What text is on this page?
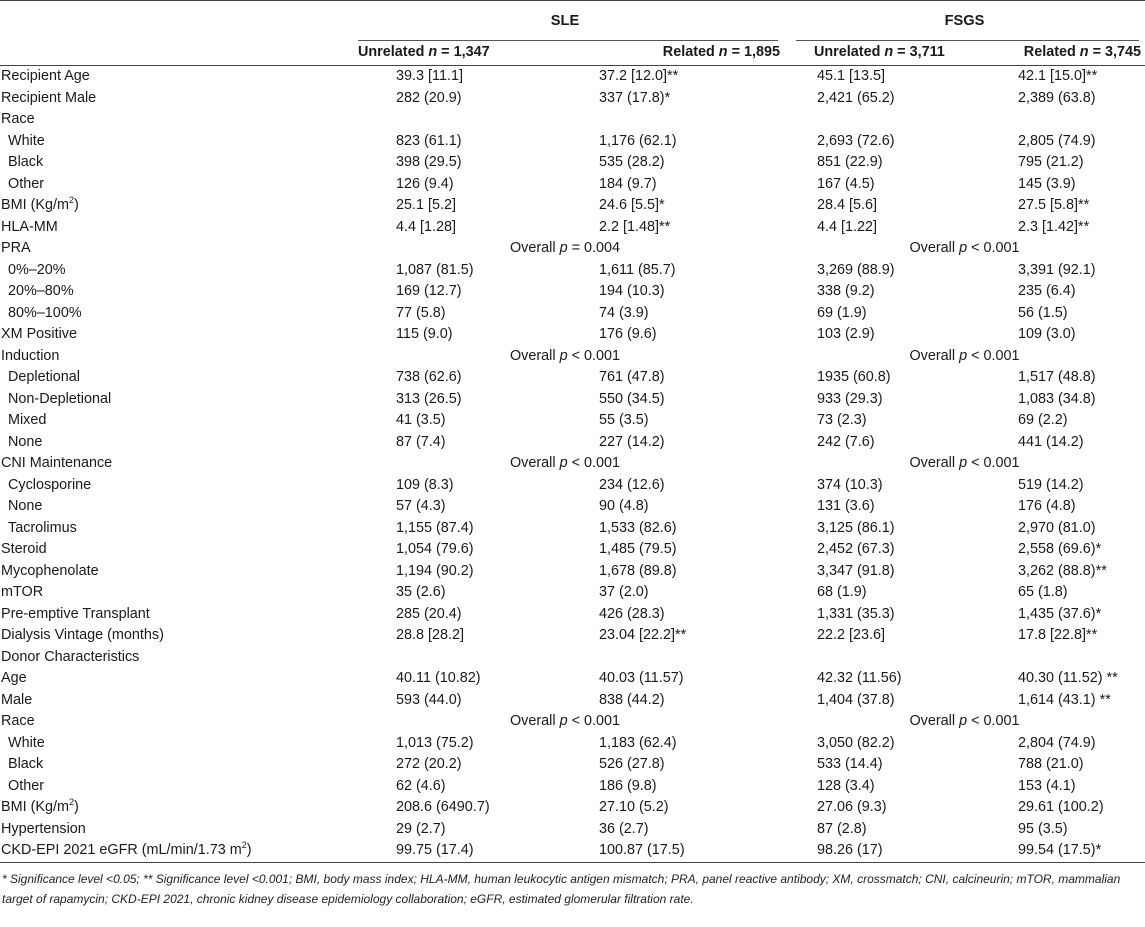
	SLE		FSGS	
	Unrelated n = 1,347	Related n = 1,895	Unrelated n = 3,711	Related n = 3,745
Recipient Age	39.3 [11.1]	37.2 [12.0]**	45.1 [13.5]	42.1 [15.0]**
Recipient Male	282 (20.9)	337 (17.8)*	2,421 (65.2)	2,389 (63.8)
Race				
White	823 (61.1)	1,176 (62.1)	2,693 (72.6)	2,805 (74.9)
Black	398 (29.5)	535 (28.2)	851 (22.9)	795 (21.2)
Other	126 (9.4)	184 (9.7)	167 (4.5)	145 (3.9)
BMI $(Kg/m^2)$	25.1 [5.2]	24.6 [5.5]*	28.4 [5.6]	27.5 [5.8]**
HLA-MM	4.4 [1.28]	2.2 [1.48]**	4.4 [1.22]	2.3 [1.42]**
PRA	Overall p = 0.004		Overall p < 0.001	
0%–20%	1,087 (81.5)	1,611 (85.7)	3,269 (88.9)	3,391 (92.1)
20%–80%	169 (12.7)	194 (10.3)	338 (9.2)	235 (6.4)
80%–100%	77 (5.8)	74 (3.9)	69 (1.9)	56 (1.5)
XM Positive	115 (9.0)	176 (9.6)	103 (2.9)	109 (3.0)
Induction	Overall p < 0.001		Overall p < 0.001	
Depletional	738 (62.6)	761 (47.8)	1935 (60.8)	1,517 (48.8)
Non-Depletional	313 (26.5)	550 (34.5)	933 (29.3)	1,083 (34.8)
Mixed	41 (3.5)	55 (3.5)	73 (2.3)	69 (2.2)
None	87 (7.4)	227 (14.2)	242 (7.6)	441 (14.2)
CNI Maintenance	Overall p < 0.001		Overall p < 0.001	
Cyclosporine	109 (8.3)	234 (12.6)	374 (10.3)	519 (14.2)
None	57 (4.3)	90 (4.8)	131 (3.6)	176 (4.8)
Tacrolimus	1,155 (87.4)	1,533 (82.6)	3,125 (86.1)	2,970 (81.0)
Steroid	1,054 (79.6)	1,485 (79.5)	2,452 (67.3)	2,558 (69.6)*
Mycophenolate	1,194 (90.2)	1,678 (89.8)	3,347 (91.8)	3,262 (88.8)**
mTOR	35 (2.6)	37 (2.0)	68 (1.9)	65 (1.8)
Pre-emptive Transplant	285 (20.4)	426 (28.3)	1,331 (35.3)	1,435 (37.6)*
Dialysis Vintage (months)	28.8 [28.2]	23.04 [22.2]**	22.2 [23.6]	17.8 [22.8]**
Donor Characteristics				
Age	40.11 (10.82)	40.03 (11.57)	42.32 (11.56)	40.30 (11.52) **
Male	593 (44.0)	838 (44.2)	1,404 (37.8)	1,614 (43.1) **
Race	Overall p < 0.001		Overall p < 0.001	
White	1,013 (75.2)	1,183 (62.4)	3,050 (82.2)	2,804 (74.9)
Black	272 (20.2)	526 (27.8)	533 (14.4)	788 (21.0)
Other	62 (4.6)	186 (9.8)	128 (3.4)	153 (4.1)
BMI $(Kg/m^2)$	208.6 (6490.7)	27.10 (5.2)	27.06 (9.3)	29.61 (100.2)
Hypertension	29 (2.7)	36 (2.7)	87 (2.8)	95 (3.5)
CKD-EPI 2021 eGFR (mL/min/1.73 $m^2$)	99.75 (17.4)	100.87 (17.5)	98.26 (17)	99.54 (17.5)*
* Significance level <0.05; ** Significance level <0.001; BMI, body mass index; HLA-MM, human leukocytic antigen mismatch; PRA, panel reactive antibody; XM, crossmatch; CNI, calcineurin; mTOR, mammalian target of rapamycin; CKD-EPI 2021, chronic kidney disease epidemiology collaboration; eGFR, estimated glomerular filtration rate.
